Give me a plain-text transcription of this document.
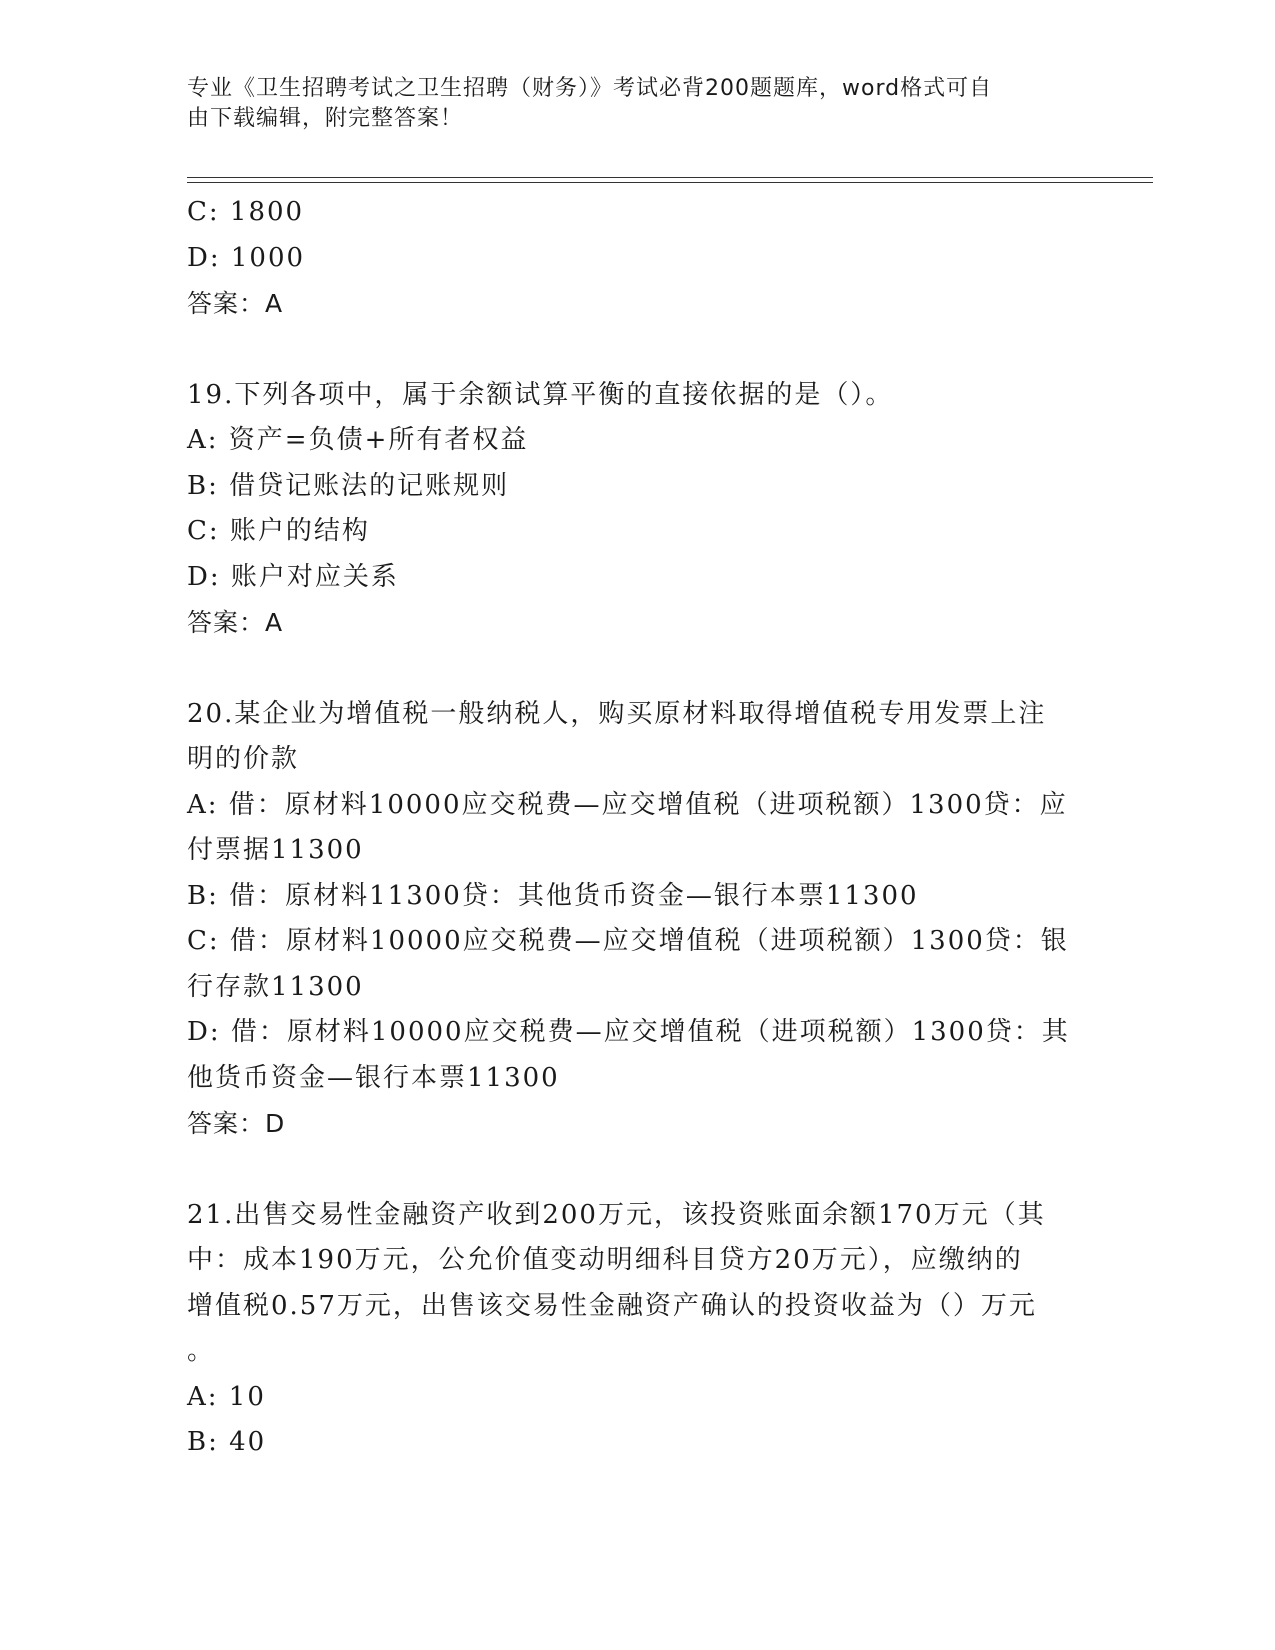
专业《卫生招聘考试之卫生招聘（财务）》考试必背200题题库，word格式可自
由下载编辑，附完整答案！
C: 1800
D: 1000
答案：A
19.下列各项中，属于余额试算平衡的直接依据的是（）。
A: 资产=负债+所有者权益
B: 借贷记账法的记账规则
C: 账户的结构
D: 账户对应关系
答案：A
20.某企业为增值税一般纳税人，购买原材料取得增值税专用发票上注
明的价款
A: 借：原材料10000应交税费—应交增值税（进项税额）1300贷：应
付票据11300
B: 借：原材料11300贷：其他货币资金—银行本票11300
C: 借：原材料10000应交税费—应交增值税（进项税额）1300贷：银
行存款11300
D: 借：原材料10000应交税费—应交增值税（进项税额）1300贷：其
他货币资金—银行本票11300
答案：D
21.出售交易性金融资产收到200万元，该投资账面余额170万元（其
中：成本190万元，公允价值变动明细科目贷方20万元），应缴纳的
增值税0.57万元，出售该交易性金融资产确认的投资收益为（）万元
。
A: 10
B: 40
